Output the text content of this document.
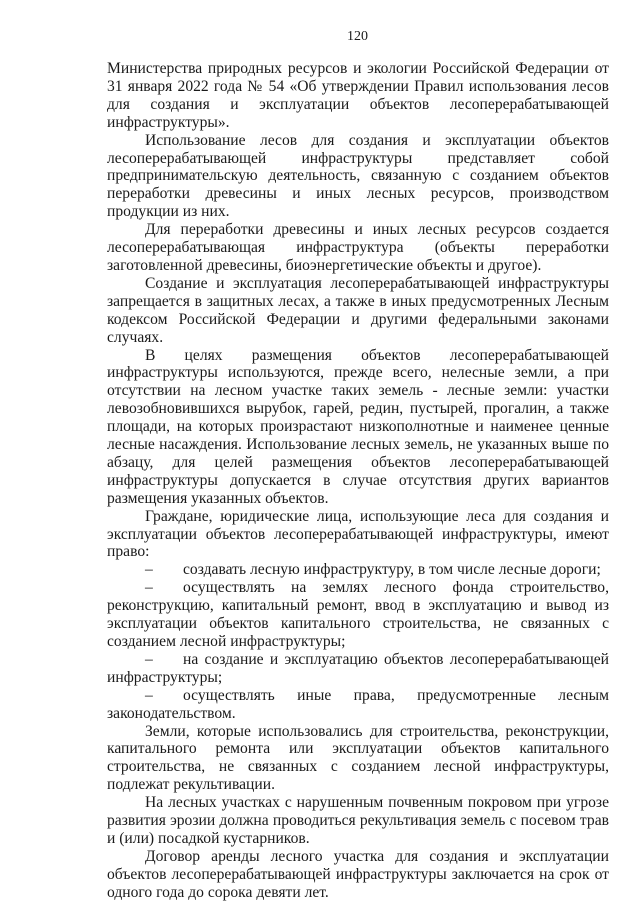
120

Министерства природных ресурсов и экологии Российской Федерации от 31 января 2022 года № 54 «Об утверждении Правил использования лесов для создания и эксплуатации объектов лесоперерабатывающей инфраструктуры».

Использование лесов для создания и эксплуатации объектов лесоперерабатывающей инфраструктуры представляет собой предпринимательскую деятельность, связанную с созданием объектов переработки древесины и иных лесных ресурсов, производством продукции из них.

Для переработки древесины и иных лесных ресурсов создается лесоперерабатывающая инфраструктура (объекты переработки заготовленной древесины, биоэнергетические объекты и другое).

Создание и эксплуатация лесоперерабатывающей инфраструктуры запрещается в защитных лесах, а также в иных предусмотренных Лесным кодексом Российской Федерации и другими федеральными законами случаях.

В целях размещения объектов лесоперерабатывающей инфраструктуры используются, прежде всего, нелесные земли, а при отсутствии на лесном участке таких земель - лесные земли: участки левозобновившихся вырубок, гарей, редин, пустырей, прогалин, а также площади, на которых произрастают низкополнотные и наименее ценные лесные насаждения. Использование лесных земель, не указанных выше по абзацу, для целей размещения объектов лесоперерабатывающей инфраструктуры допускается в случае отсутствия других вариантов размещения указанных объектов.

Граждане, юридические лица, использующие леса для создания и эксплуатации объектов лесоперерабатывающей инфраструктуры, имеют право:

– создавать лесную инфраструктуру, в том числе лесные дороги;

– осуществлять на землях лесного фонда строительство, реконструкцию, капитальный ремонт, ввод в эксплуатацию и вывод из эксплуатации объектов капитального строительства, не связанных с созданием лесной инфраструктуры;

– на создание и эксплуатацию объектов лесоперерабатывающей инфраструктуры;

– осуществлять иные права, предусмотренные лесным законодательством.

Земли, которые использовались для строительства, реконструкции, капитального ремонта или эксплуатации объектов капитального строительства, не связанных с созданием лесной инфраструктуры, подлежат рекультивации.

На лесных участках с нарушенным почвенным покровом при угрозе развития эрозии должна проводиться рекультивация земель с посевом трав и (или) посадкой кустарников.

Договор аренды лесного участка для создания и эксплуатации объектов лесоперерабатывающей инфраструктуры заключается на срок от одного года до сорока девяти лет.
